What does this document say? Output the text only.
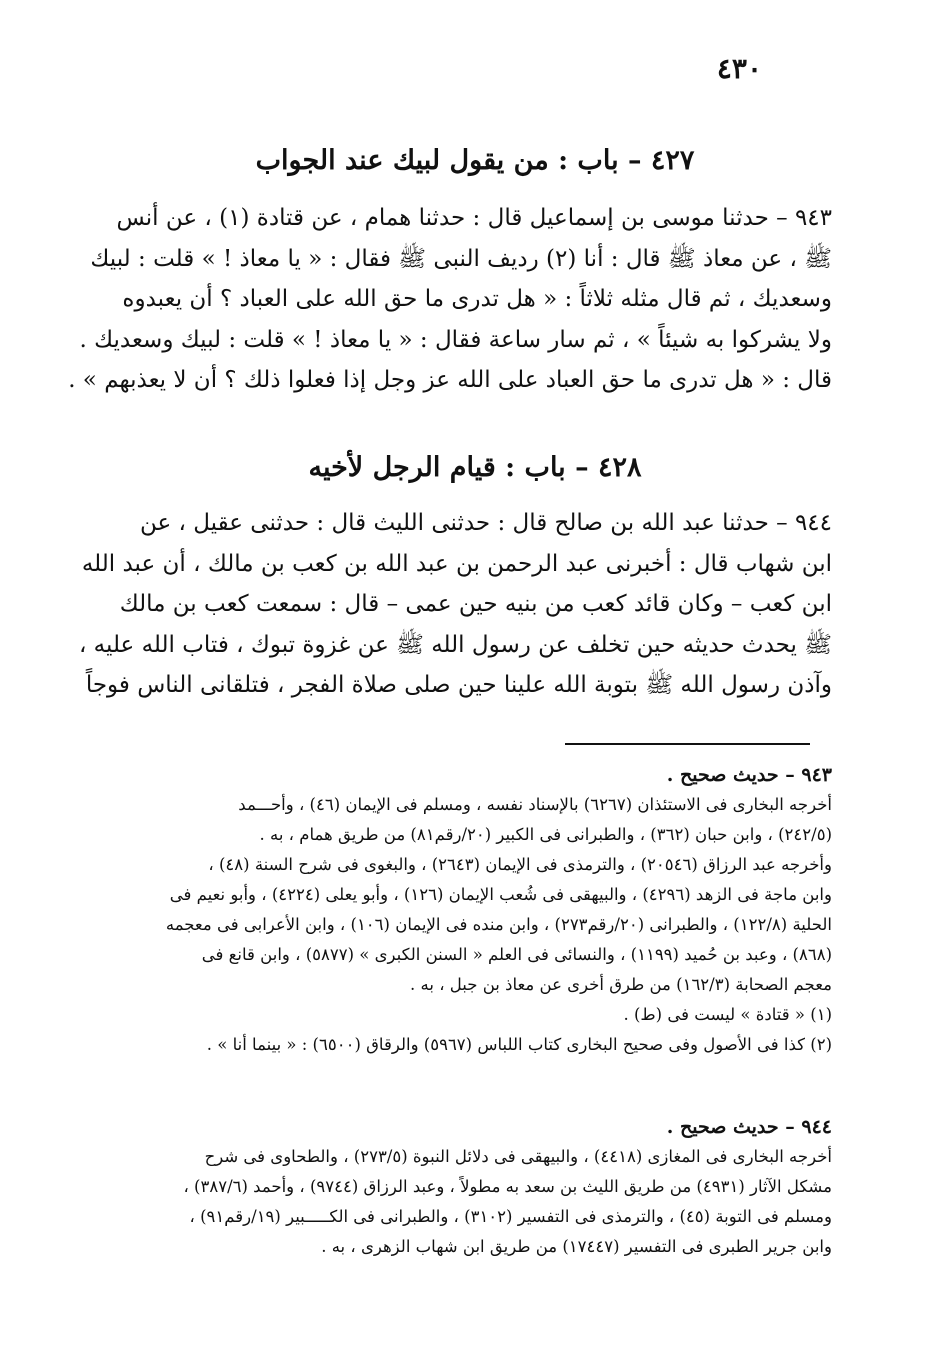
٤٣٠
٤٢٧ – باب : من يقول لبيك عند الجواب
٩٤٣ – حدثنا موسى بن إسماعيل قال : حدثنا همام ، عن قتادة (١) ، عن أنس
ﷺ ، عن معاذ ﷺ قال : أنا (٢) رديف النبى ﷺ فقال : « يا معاذ ! » قلت : لبيك
وسعديك ، ثم قال مثله ثلاثاً : « هل تدرى ما حق الله على العباد ؟ أن يعبدوه
ولا يشركوا به شيئاً » ، ثم سار ساعة فقال : « يا معاذ ! » قلت : لبيك وسعديك .
قال : « هل تدرى ما حق العباد على الله عز وجل إذا فعلوا ذلك ؟ أن لا يعذبهم » .
٤٢٨ – باب : قيام الرجل لأخيه
٩٤٤ – حدثنا عبد الله بن صالح قال : حدثنى الليث قال : حدثنى عقيل ، عن
ابن شهاب قال : أخبرنى عبد الرحمن بن عبد الله بن كعب بن مالك ، أن عبد الله
ابن كعب – وكان قائد كعب من بنيه حين عمى – قال : سمعت كعب بن مالك
ﷺ يحدث حديثه حين تخلف عن رسول الله ﷺ عن غزوة تبوك ، فتاب الله عليه ،
وآذن رسول الله ﷺ بتوبة الله علينا حين صلى صلاة الفجر ، فتلقانى الناس فوجاً
٩٤٣ – حديث صحيح .
أخرجه البخارى فى الاستئذان (٦٢٦٧) بالإسناد نفسه ، ومسلم فى الإيمان (٤٦) ، وأحـــمد
(٢٤٢/٥) ، وابن حبان (٣٦٢) ، والطبرانى فى الكبير (٢٠/رقم٨١) من طريق همام ، به .
وأخرجه عبد الرزاق (٢٠٥٤٦) ، والترمذى فى الإيمان (٢٦٤٣) ، والبغوى فى شرح السنة (٤٨) ،
وابن ماجة فى الزهد (٤٢٩٦) ، والبيهقى فى شُعب الإيمان (١٢٦) ، وأبو يعلى (٤٢٢٤) ، وأبو نعيم فى
الحلية (١٢٢/٨) ، والطبرانى (٢٠/رقم٢٧٣) ، وابن منده فى الإيمان (١٠٦) ، وابن الأعرابى فى معجمه
(٨٦٨) ، وعبد بن حُميد (١١٩٩) ، والنسائى فى العلم « السنن الكبرى » (٥٨٧٧) ، وابن قانع فى
معجم الصحابة (١٦٢/٣) من طرق أخرى عن معاذ بن جبل ، به .
(١) « قتادة » ليست فى (ط) .
(٢) كذا فى الأصول وفى صحيح البخارى كتاب اللباس (٥٩٦٧) والرقاق (٦٥٠٠) : « بينما أنا » .
٩٤٤ – حديث صحيح .
أخرجه البخارى فى المغازى (٤٤١٨) ، والبيهقى فى دلائل النبوة (٢٧٣/٥) ، والطحاوى فى شرح
مشكل الآثار (٤٩٣١) من طريق الليث بن سعد به مطولاً ، وعبد الرزاق (٩٧٤٤) ، وأحمد (٣٨٧/٦) ،
ومسلم فى التوبة (٤٥) ، والترمذى فى التفسير (٣١٠٢) ، والطبرانى فى الكـــــبير (١٩/رقم٩١) ،
وابن جرير الطبرى فى التفسير (١٧٤٤٧) من طريق ابن شهاب الزهرى ، به .
